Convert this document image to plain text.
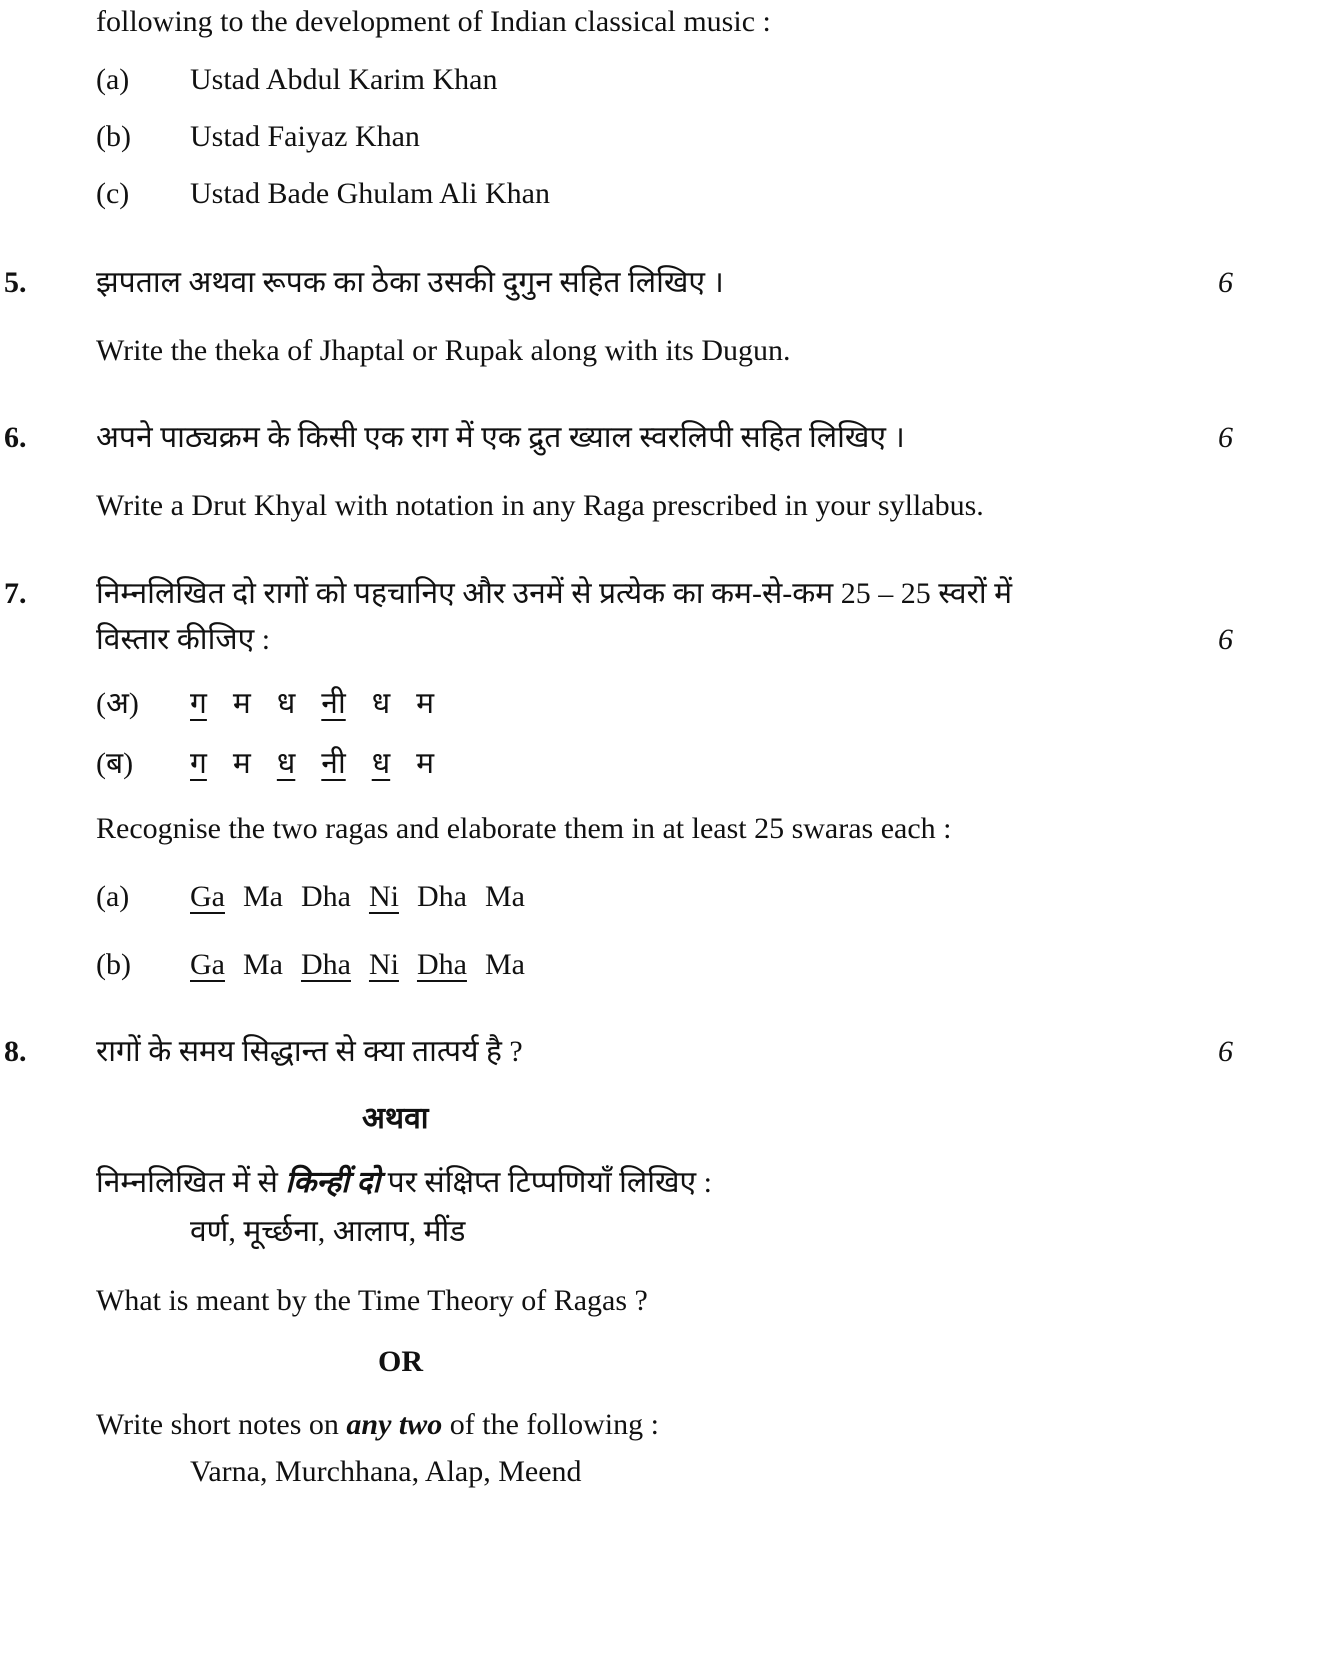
following to the development of Indian classical music :
(a) Ustad Abdul Karim Khan
(b) Ustad Faiyaz Khan
(c) Ustad Bade Ghulam Ali Khan
5. झपताल अथवा रूपक का ठेका उसकी दुगुन सहित लिखिए ।	6
Write the theka of Jhaptal or Rupak along with its Dugun.
6. अपने पाठ्यक्रम के किसी एक राग में एक द्रुत ख्याल स्वरलिपी सहित लिखिए ।	6
Write a Drut Khyal with notation in any Raga prescribed in your syllabus.
7. निम्नलिखित दो रागों को पहचानिए और उनमें से प्रत्येक का कम-से-कम 25 – 25 स्वरों में
विस्तार कीजिए :	6
(अ) ग म ध नी ध म
(ब) ग म ध नी ध म
Recognise the two ragas and elaborate them in at least 25 swaras each :
(a) Ga Ma Dha Ni Dha Ma
(b) Ga Ma Dha Ni Dha Ma
8. रागों के समय सिद्धान्त से क्या तात्पर्य है ?	6
अथवा
निम्नलिखित में से किन्हीं दो पर संक्षिप्त टिप्पणियाँ लिखिए :
वर्ण, मूर्च्छना, आलाप, मींड
What is meant by the Time Theory of Ragas ?
OR
Write short notes on any two of the following :
Varna, Murchhana, Alap, Meend
